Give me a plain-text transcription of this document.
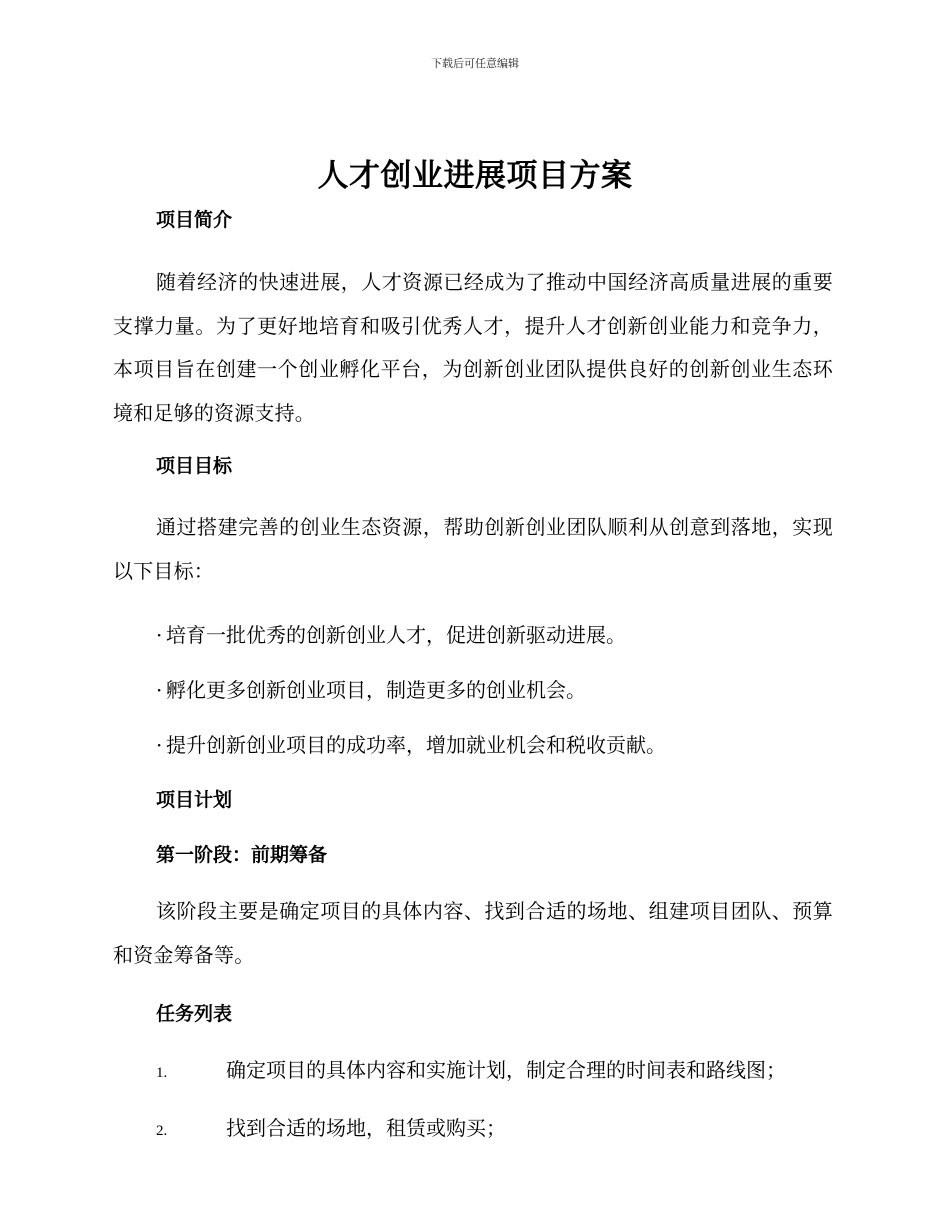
下载后可任意编辑
人才创业进展项目方案
项目简介
随着经济的快速进展，人才资源已经成为了推动中国经济高质量进展的重要支撑力量。为了更好地培育和吸引优秀人才，提升人才创新创业能力和竞争力，本项目旨在创建一个创业孵化平台，为创新创业团队提供良好的创新创业生态环境和足够的资源支持。
项目目标
通过搭建完善的创业生态资源，帮助创新创业团队顺利从创意到落地，实现以下目标：
· 培育一批优秀的创新创业人才，促进创新驱动进展。
· 孵化更多创新创业项目，制造更多的创业机会。
· 提升创新创业项目的成功率，增加就业机会和税收贡献。
项目计划
第一阶段：前期筹备
该阶段主要是确定项目的具体内容、找到合适的场地、组建项目团队、预算和资金筹备等。
任务列表
1.	确定项目的具体内容和实施计划，制定合理的时间表和路线图；
2.	找到合适的场地，租赁或购买；
